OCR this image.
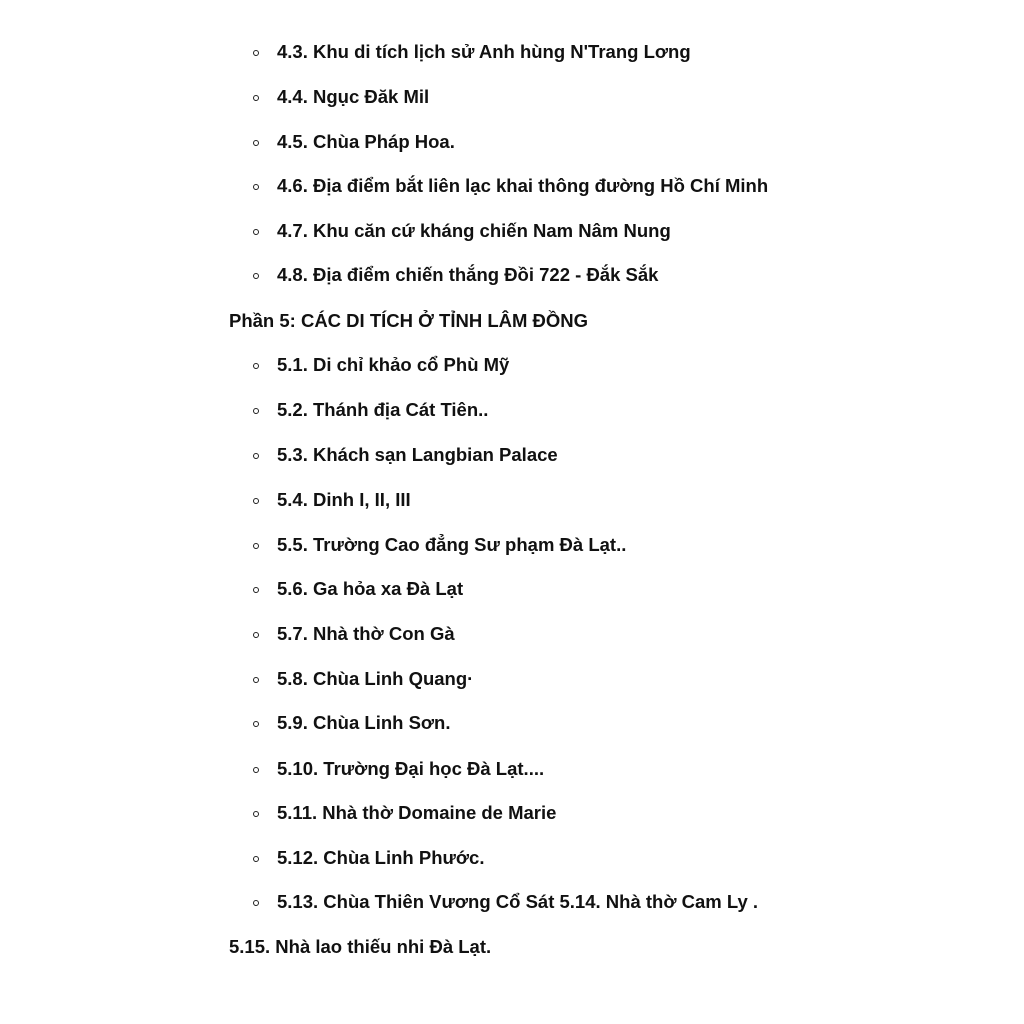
4.3. Khu di tích lịch sử Anh hùng N'Trang Lơng
4.4. Ngục Đăk Mil
4.5. Chùa Pháp Hoa.
4.6. Địa điểm bắt liên lạc khai thông đường Hồ Chí Minh
4.7. Khu căn cứ kháng chiến Nam Nâm Nung
4.8. Địa điểm chiến thắng Đồi 722 - Đắk Sắk
Phần 5: CÁC DI TÍCH Ở TỈNH LÂM ĐỒNG
5.1. Di chỉ khảo cổ Phù Mỹ
5.2. Thánh địa Cát Tiên..
5.3. Khách sạn Langbian Palace
5.4. Dinh I, II, III
5.5. Trường Cao đẳng Sư phạm Đà Lạt..
5.6. Ga hỏa xa Đà Lạt
5.7. Nhà thờ Con Gà
5.8. Chùa Linh Quang·
5.9. Chùa Linh Sơn.
5.10. Trường Đại học Đà Lạt....
5.11. Nhà thờ Domaine de Marie
5.12. Chùa Linh Phước.
5.13. Chùa Thiên Vương Cổ Sát 5.14. Nhà thờ Cam Ly .
5.15. Nhà lao thiếu nhi Đà Lạt.
